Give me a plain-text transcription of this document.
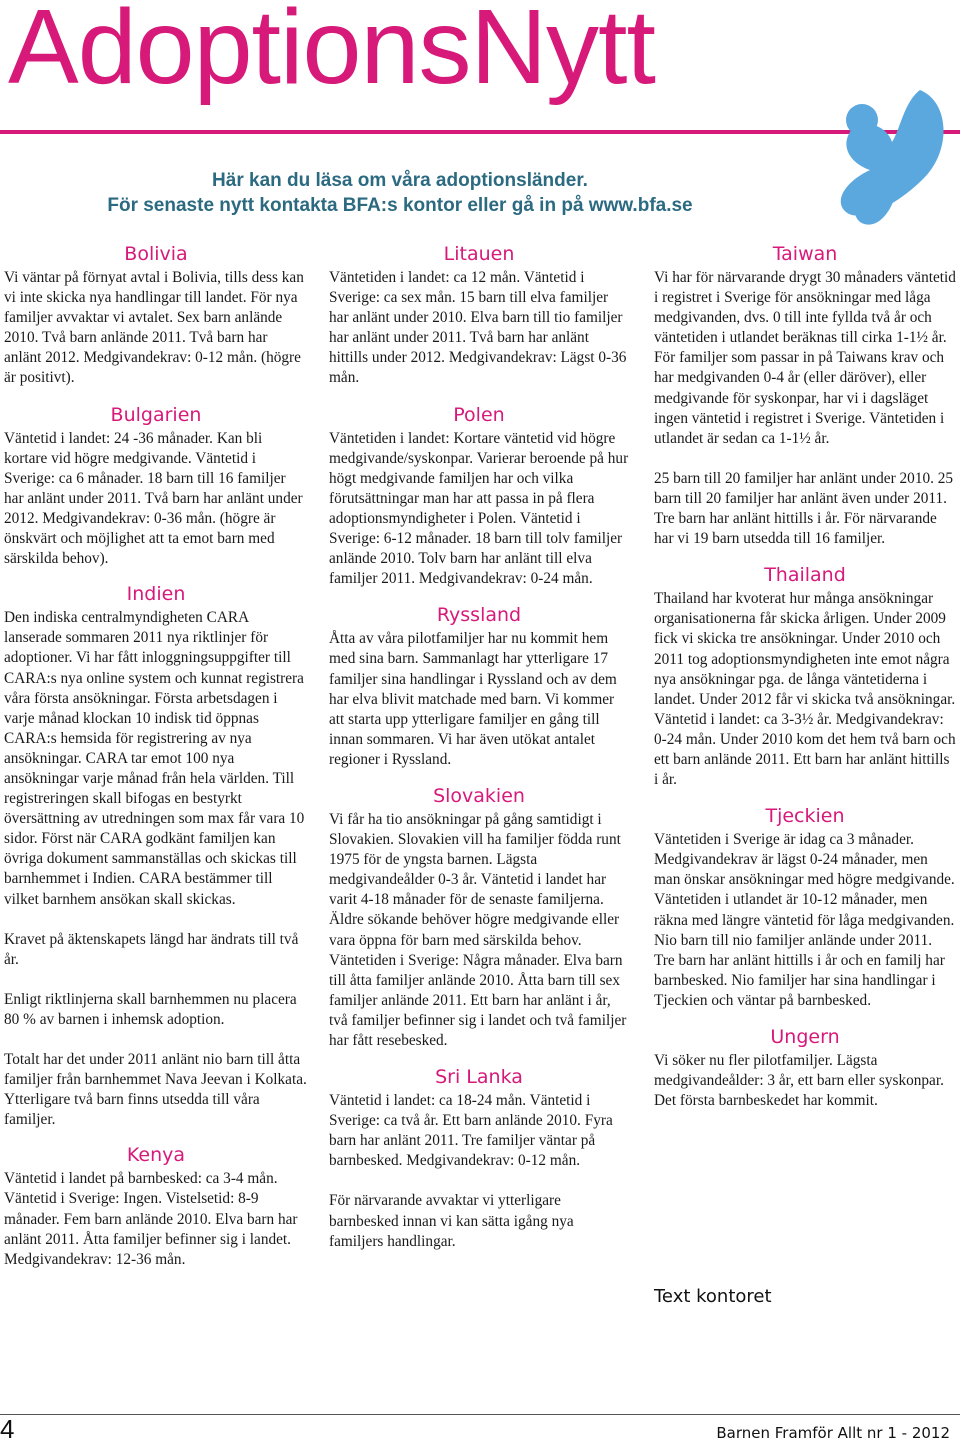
AdoptionsNytt
Här kan du läsa om våra adoptionsländer.
För senaste nytt kontakta BFA:s kontor eller gå in på www.bfa.se
Bolivia

Vi väntar på förnyat avtal i Bolivia, tills dess kan vi inte skicka nya handlingar till landet. För nya familjer avvaktar vi avtalet. Sex barn anlände 2010. Två barn anlände 2011. Två barn har anlänt 2012. Medgivandekrav: 0-12 mån. (högre är positivt).

Bulgarien

Väntetid i landet: 24 -36 månader. Kan bli kortare vid högre medgivande. Väntetid i Sverige: ca 6 månader. 18 barn till 16 familjer har anlänt under 2011. Två barn har anlänt under 2012. Medgivandekrav: 0-36 mån. (högre är önskvärt och möjlighet att ta emot barn med särskilda behov).

Indien

Den indiska centralmyndigheten CARA lanserade sommaren 2011 nya riktlinjer för adoptioner. Vi har fått inloggningsuppgifter till CARA:s nya online system och kunnat registrera våra första ansökningar. Första arbetsdagen i varje månad klockan 10 indisk tid öppnas CARA:s hemsida för registrering av nya ansökningar. CARA tar emot 100 nya ansökningar varje månad från hela världen. Till registreringen skall bifogas en bestyrkt översättning av utredningen som max får vara 10 sidor. Först när CARA godkänt familjen kan övriga dokument sammanställas och skickas till barnhemmet i Indien. CARA bestämmer till vilket barnhem ansökan skall skickas.

Kravet på äktenskapets längd har ändrats till två år.

Enligt riktlinjerna skall barnhemmen nu placera 80 % av barnen i inhemsk adoption.

Totalt har det under 2011 anlänt nio barn till åtta familjer från barnhemmet Nava Jeevan i Kolkata. Ytterligare två barn finns utsedda till våra familjer.

Kenya

Väntetid i landet på barnbesked: ca 3-4 mån. Väntetid i Sverige: Ingen. Vistelsetid: 8-9 månader. Fem barn anlände 2010. Elva barn har anlänt 2011. Åtta familjer befinner sig i landet. Medgivandekrav: 12-36 mån.

Litauen

Väntetiden i landet: ca 12 mån. Väntetid i Sverige: ca sex mån. 15 barn till elva familjer har anlänt under 2010. Elva barn till tio familjer har anlänt under 2011. Två barn har anlänt hittills under 2012. Medgivandekrav: Lägst 0-36 mån.

Polen

Väntetiden i landet: Kortare väntetid vid högre medgivande/syskonpar. Varierar beroende på hur högt medgivande familjen har och vilka förutsättningar man har att passa in på flera adoptionsmyndigheter i Polen. Väntetid i Sverige: 6-12 månader. 18 barn till tolv familjer anlände 2010. Tolv barn har anlänt till elva familjer 2011. Medgivandekrav: 0-24 mån.

Ryssland

Åtta av våra pilotfamiljer har nu kommit hem med sina barn. Sammanlagt har ytterligare 17 familjer sina handlingar i Ryssland och av dem har elva blivit matchade med barn. Vi kommer att starta upp ytterligare familjer en gång till innan sommaren. Vi har även utökat antalet regioner i Ryssland.

Slovakien

Vi får ha tio ansökningar på gång samtidigt i Slovakien. Slovakien vill ha familjer födda runt 1975 för de yngsta barnen. Lägsta medgivandeålder 0-3 år. Väntetid i landet har varit 4-18 månader för de senaste familjerna. Äldre sökande behöver högre medgivande eller vara öppna för barn med särskilda behov. Väntetiden i Sverige: Några månader. Elva barn till åtta familjer anlände 2010. Åtta barn till sex familjer anlände 2011. Ett barn har anlänt i år, två familjer befinner sig i landet och två familjer har fått resebesked.

Sri Lanka

Väntetid i landet: ca 18-24 mån. Väntetid i Sverige: ca två år. Ett barn anlände 2010. Fyra barn har anlänt 2011. Tre familjer väntar på barnbesked. Medgivandekrav: 0-12 mån.

För närvarande avvaktar vi ytterligare barnbesked innan vi kan sätta igång nya familjers handlingar.

Taiwan

Vi har för närvarande drygt 30 månaders väntetid i registret i Sverige för ansökningar med låga medgivanden, dvs. 0 till inte fyllda två år och väntetiden i utlandet beräknas till cirka 1-1½ år. För familjer som passar in på Taiwans krav och har medgivanden 0-4 år (eller däröver), eller medgivande för syskonpar, har vi i dagsläget ingen väntetid i registret i Sverige. Väntetiden i utlandet är sedan ca 1-1½ år.

25 barn till 20 familjer har anlänt under 2010. 25 barn till 20 familjer har anlänt även under 2011. Tre barn har anlänt hittills i år. För närvarande har vi 19 barn utsedda till 16 familjer.

Thailand

Thailand har kvoterat hur många ansökningar organisationerna får skicka årligen. Under 2009 fick vi skicka tre ansökningar. Under 2010 och 2011 tog adoptionsmyndigheten inte emot några nya ansökningar pga. de långa väntetiderna i landet. Under 2012 får vi skicka två ansökningar. Väntetid i landet: ca 3-3½ år. Medgivandekrav: 0-24 mån. Under 2010 kom det hem två barn och ett barn anlände 2011. Ett barn har anlänt hittills i år.

Tjeckien

Väntetiden i Sverige är idag ca 3 månader. Medgivandekrav är lägst 0-24 månader, men man önskar ansökningar med högre medgivande. Väntetiden i utlandet är 10-12 månader, men räkna med längre väntetid för låga medgivanden. Nio barn till nio familjer anlände under 2011. Tre barn har anlänt hittills i år och en familj har barnbesked. Nio familjer har sina handlingar i Tjeckien och väntar på barnbesked.

Ungern

Vi söker nu fler pilotfamiljer. Lägsta medgivandeålder: 3 år, ett barn eller syskonpar. Det första barnbeskedet har kommit.

Text kontoret
4	Barnen Framför Allt nr 1 - 2012
